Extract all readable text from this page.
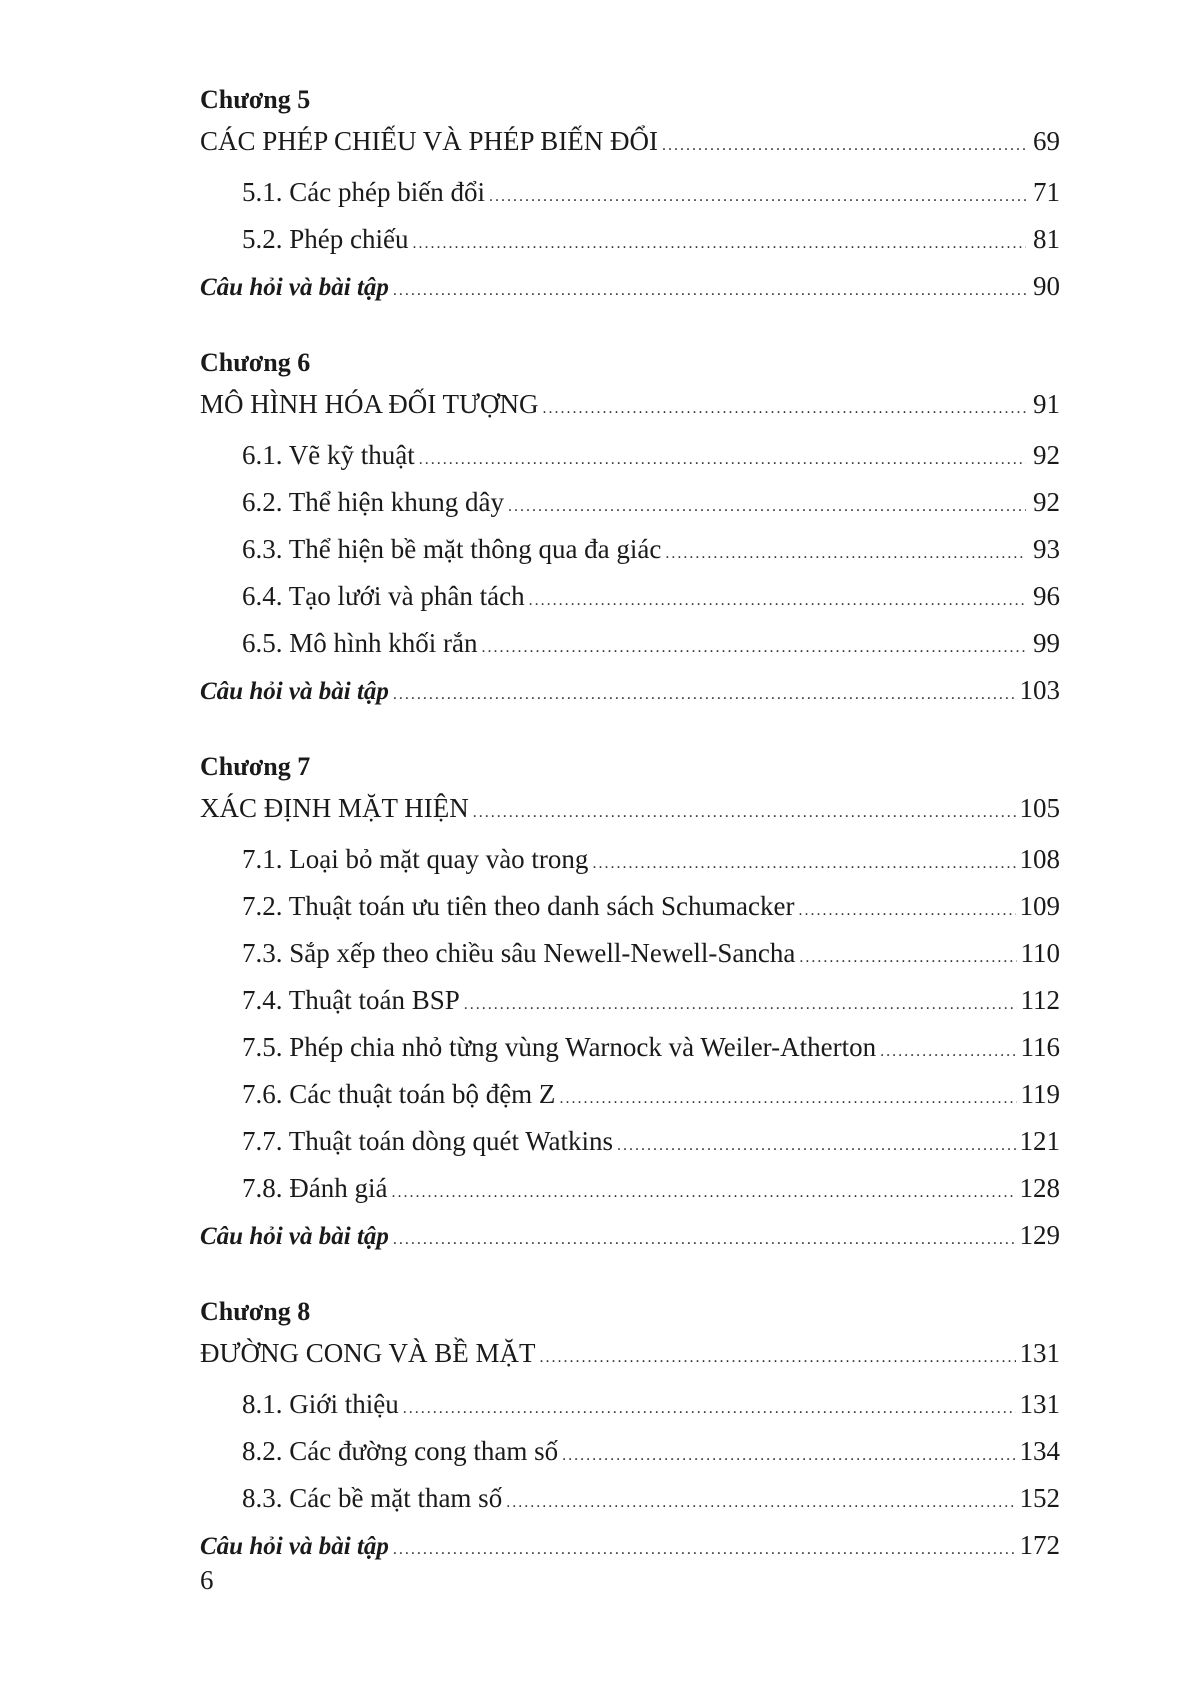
Chương 5
CÁC PHÉP CHIẾU VÀ PHÉP BIẾN ĐỔI .....	69
5.1. Các phép biến đổi .....	71
5.2. Phép chiếu .....	81
Câu hỏi và bài tập .....	90
Chương 6
MÔ HÌNH HÓA ĐỐI TƯỢNG .....	91
6.1. Vẽ kỹ thuật .....	92
6.2. Thể hiện khung dây .....	92
6.3. Thể hiện bề mặt thông qua đa giác .....	93
6.4. Tạo lưới và phân tách .....	96
6.5. Mô hình khối rắn .....	99
Câu hỏi và bài tập .....	103
Chương 7
XÁC ĐỊNH MẶT HIỆN .....	105
7.1. Loại bỏ mặt quay vào trong .....	108
7.2. Thuật toán ưu tiên theo danh sách Schumacker .....	109
7.3. Sắp xếp theo chiều sâu Newell-Newell-Sancha .....	110
7.4. Thuật toán BSP .....	112
7.5. Phép chia nhỏ từng vùng Warnock và Weiler-Atherton .....	116
7.6. Các thuật toán bộ đệm Z .....	119
7.7. Thuật toán dòng quét Watkins .....	121
7.8. Đánh giá .....	128
Câu hỏi và bài tập .....	129
Chương 8
ĐƯỜNG CONG VÀ BỀ MẶT .....	131
8.1. Giới thiệu .....	131
8.2. Các đường cong tham số .....	134
8.3. Các bề mặt tham số .....	152
Câu hỏi và bài tập .....	172
6
